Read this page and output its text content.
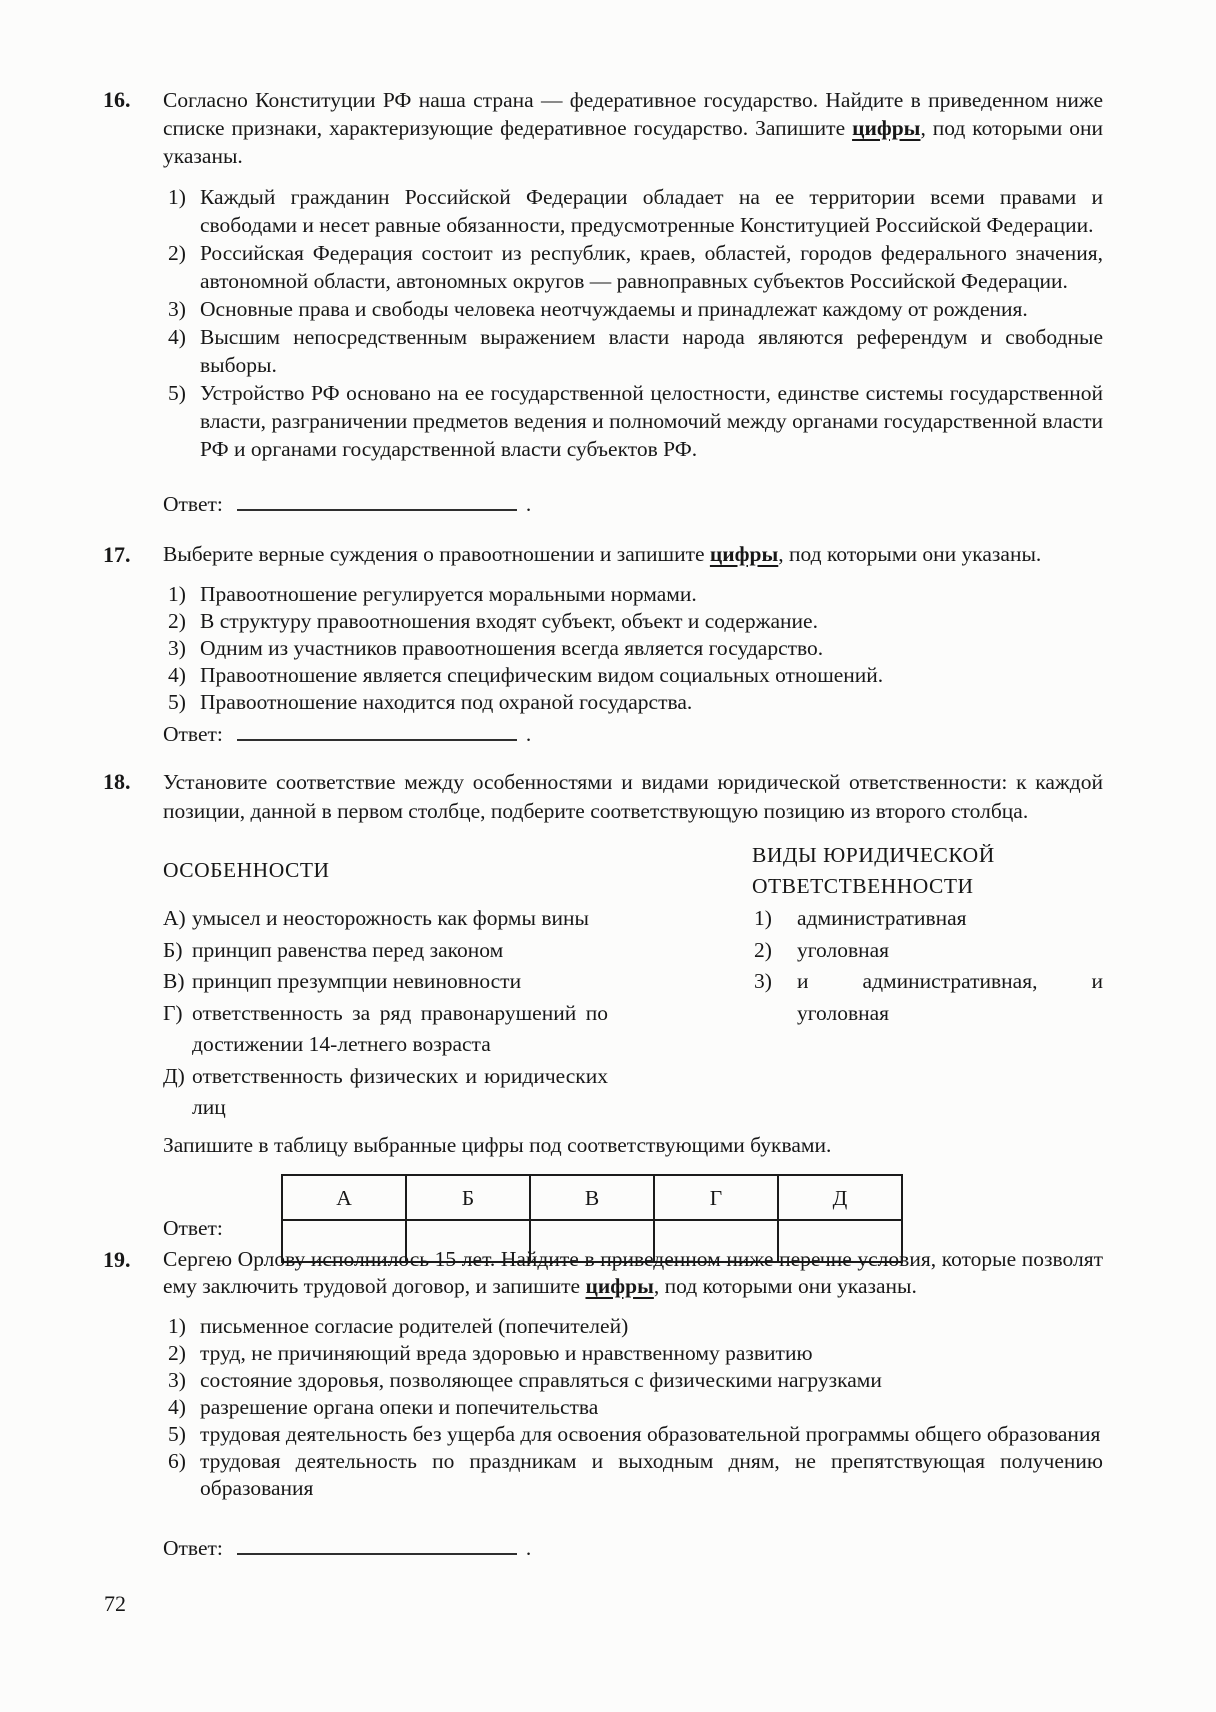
16.	Согласно Конституции РФ наша страна — федеративное государство. Найдите в приведенном ниже списке признаки, характеризующие федеративное государство. Запишите цифры, под которыми они указаны.

1) Каждый гражданин Российской Федерации обладает на ее территории всеми правами и свободами и несет равные обязанности, предусмотренные Конституцией Российской Федерации.
2) Российская Федерация состоит из республик, краев, областей, городов федерального значения, автономной области, автономных округов — равноправных субъектов Российской Федерации.
3) Основные права и свободы человека неотчуждаемы и принадлежат каждому от рождения.
4) Высшим непосредственным выражением власти народа являются референдум и свободные выборы.
5) Устройство РФ основано на ее государственной целостности, единстве системы государственной власти, разграничении предметов ведения и полномочий между органами государственной власти РФ и органами государственной власти субъектов РФ.
Ответ:	.
17.	Выберите верные суждения о правоотношении и запишите цифры, под которыми они указаны.

1) Правоотношение регулируется моральными нормами.
2) В структуру правоотношения входят субъект, объект и содержание.
3) Одним из участников правоотношения всегда является государство.
4) Правоотношение является специфическим видом социальных отношений.
5) Правоотношение находится под охраной государства.
Ответ:	.
18.	Установите соответствие между особенностями и видами юридической ответственности: к каждой позиции, данной в первом столбце, подберите соответствующую позицию из второго столбца.

ОСОБЕННОСТИ
ВИДЫ ЮРИДИЧЕСКОЙ
ОТВЕТСТВЕННОСТИ
А) умысел и неосторожность как формы вины
Б) принцип равенства перед законом
В) принцип презумпции невиновности
Г) ответственность за ряд правонарушений по достижении 14-летнего возраста
Д) ответственность физических и юридических лиц
1) административная
2) уголовная
3) и административная, и уголовная

Запишите в таблицу выбранные цифры под соответствующими буквами.

Ответ:
А	Б	В	Г	Д

19.	Сергею Орлову исполнилось 15 лет. Найдите в приведенном ниже перечне условия, которые позволят ему заключить трудовой договор, и запишите цифры, под которыми они указаны.

1) письменное согласие родителей (попечителей)
2) труд, не причиняющий вреда здоровью и нравственному развитию
3) состояние здоровья, позволяющее справляться с физическими нагрузками
4) разрешение органа опеки и попечительства
5) трудовая деятельность без ущерба для освоения образовательной программы общего образования
6) трудовая деятельность по праздникам и выходным дням, не препятствующая получению образования
Ответ:	.
72
